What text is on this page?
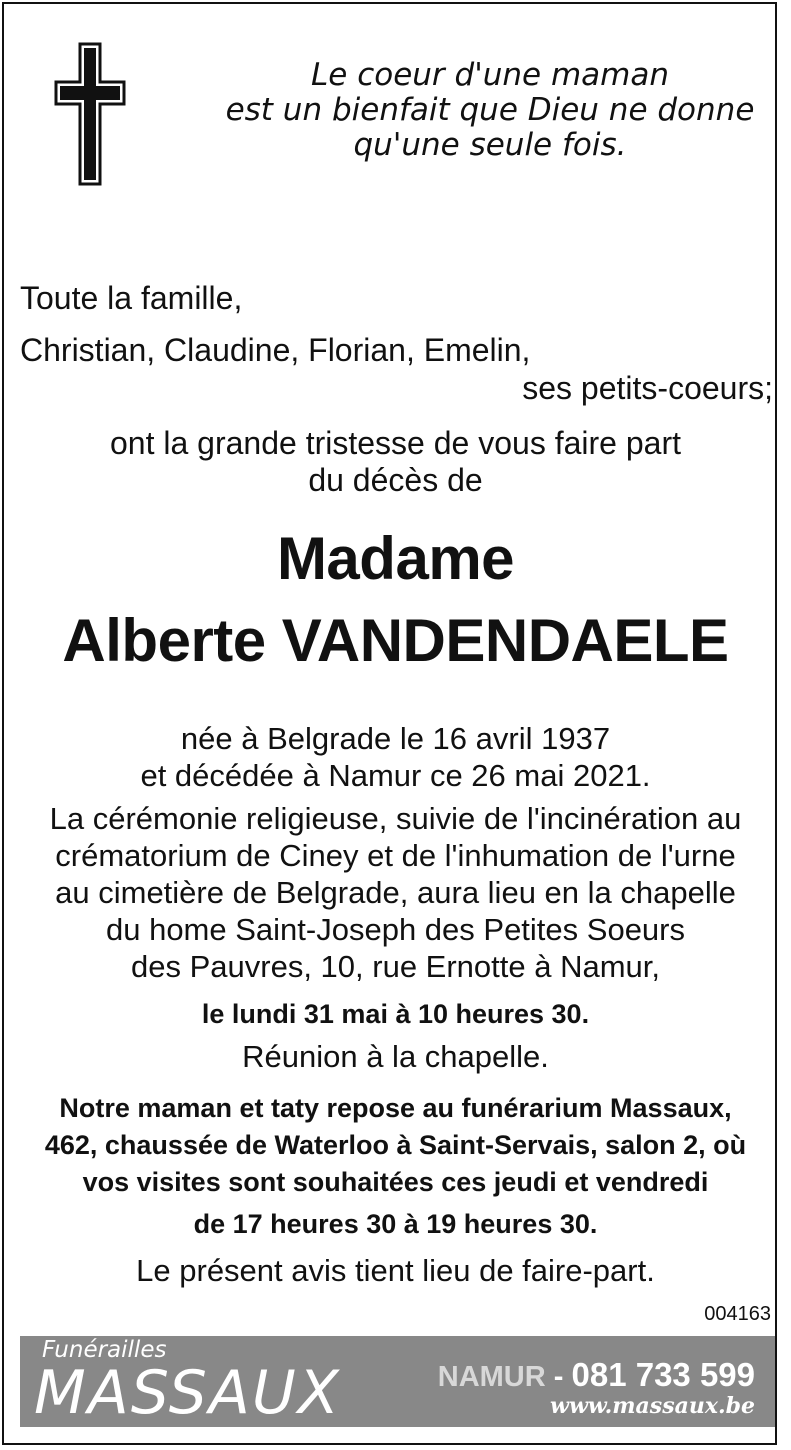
Le coeur d'une maman
est un bienfait que Dieu ne donne
qu'une seule fois.
Toute la famille,
Christian, Claudine, Florian, Emelin,
ses petits-coeurs;
ont la grande tristesse de vous faire part
du décès de
Madame
Alberte VANDENDAELE
née à Belgrade le 16 avril 1937
et décédée à Namur ce 26 mai 2021.
La cérémonie religieuse, suivie de l'incinération au
crématorium de Ciney et de l'inhumation de l'urne
au cimetière de Belgrade, aura lieu en la chapelle
du home Saint-Joseph des Petites Soeurs
des Pauvres, 10, rue Ernotte à Namur,
le lundi 31 mai à 10 heures 30.
Réunion à la chapelle.
Notre maman et taty repose au funérarium Massaux,
462, chaussée de Waterloo à Saint-Servais, salon 2, où
vos visites sont souhaitées ces jeudi et vendredi
de 17 heures 30 à 19 heures 30.
Le présent avis tient lieu de faire-part.
004163
Funérailles
MASSAUX	NAMUR - 081 733 599
www.massaux.be
